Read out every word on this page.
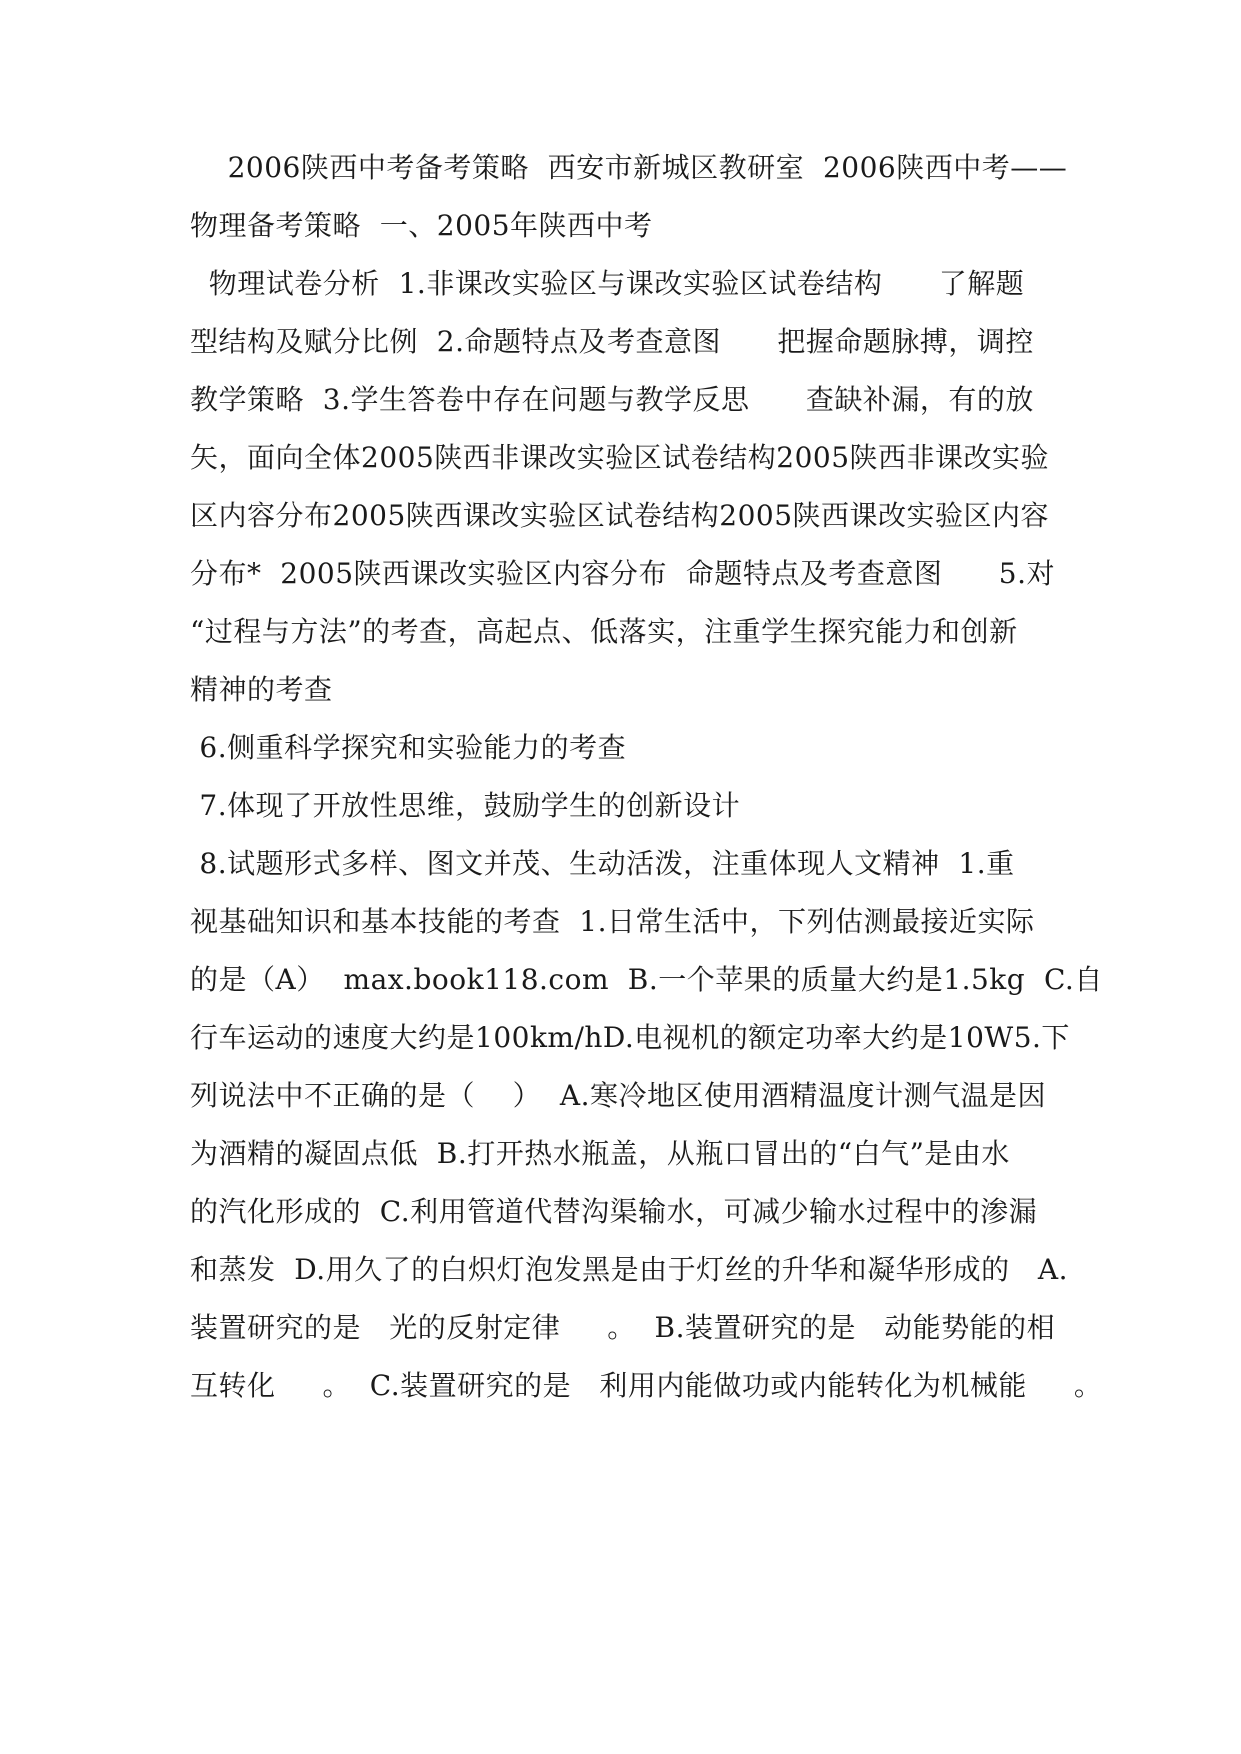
2006陕西中考备考策略  西安市新城区教研室  2006陕西中考——

物理备考策略  一、2005年陕西中考

物理试卷分析  1.非课改实验区与课改实验区试卷结构      了解题

型结构及赋分比例  2.命题特点及考查意图      把握命题脉搏，调控

教学策略  3.学生答卷中存在问题与教学反思      查缺补漏，有的放

矢，面向全体2005陕西非课改实验区试卷结构2005陕西非课改实验

区内容分布2005陕西课改实验区试卷结构2005陕西课改实验区内容

分布*  2005陕西课改实验区内容分布  命题特点及考查意图      5.对

“过程与方法”的考查，高起点、低落实，注重学生探究能力和创新

精神的考查

6.侧重科学探究和实验能力的考查

7.体现了开放性思维，鼓励学生的创新设计

8.试题形式多样、图文并茂、生动活泼，注重体现人文精神  1.重

视基础知识和基本技能的考查  1.日常生活中，下列估测最接近实际

的是（A）  max.book118.com  B.一个苹果的质量大约是1.5kg  C.自

行车运动的速度大约是100km/hD.电视机的额定功率大约是10W5.下

列说法中不正确的是（    ）  A.寒冷地区使用酒精温度计测气温是因

为酒精的凝固点低  B.打开热水瓶盖，从瓶口冒出的“白气”是由水

的汽化形成的  C.利用管道代替沟渠输水，可减少输水过程中的渗漏

和蒸发  D.用久了的白炽灯泡发黑是由于灯丝的升华和凝华形成的   A.

装置研究的是   光的反射定律     。  B.装置研究的是   动能势能的相

互转化     。  C.装置研究的是   利用内能做功或内能转化为机械能     。
